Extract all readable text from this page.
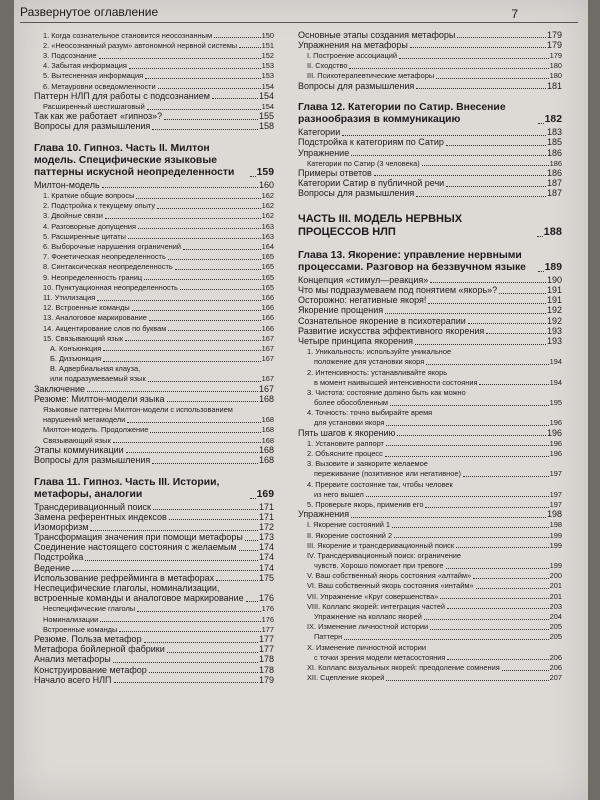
Развернутое оглавление	7
1. Когда сознательное становится неосознанным	150
2. «Неосознанный разум» автономной нервной системы	151
3. Подсознание	152
4. Забытая информация	153
5. Вытесненная информация	153
6. Метауровни осведомленности	154
Паттерн НЛП для работы с подсознанием	154
Расширенный шестишаговый	154
Так как же работает «гипноз»?	155
Вопросы для размышления	158
Глава 10. Гипноз. Часть II. Милтон модель. Специфические языковые паттерны искусной неопределенности	159
Милтон-модель	160
1. Краткие общие вопросы	162
2. Подстройка к текущему опыту	162
3. Двойные связи	162
4. Разговорные допущения	163
5. Расширенные цитаты	163
6. Выборочные нарушения ограничений	164
7. Фонетическая неопределенность	165
8. Синтаксическая неопределенность	165
9. Неопределенность границ	165
10. Пунктуационная неопределенность	165
11. Утилизация	166
12. Встроенные команды	166
13. Аналоговое маркирование	166
14. Акцентирование слов по буквам	166
15. Связывающий язык	167
А. Конъюнкция	167
Б. Дизъюнкция	167
В. Адвербиальная клауза,
или подразумеваемый язык	167
Заключение	167
Резюме: Милтон-модели языка	168
Языковые паттерны Милтон-модели с использованием
нарушений метамодели	168
Милтон-модель. Продолжение	168
Связывающий язык	168
Этапы коммуникации	168
Вопросы для размышления	168
Глава 11. Гипноз. Часть III. Истории, метафоры, аналогии	169
Трансдеривационный поиск	171
Замена референтных индексов	171
Изоморфизм	172
Трансформация значения при помощи метафоры 173
Соединение настоящего состояния с желаемым 174
Подстройка	174
Ведение	174
Использование рефрейминга в метафорах	175
Неспецифические глаголы, номинализации,
встроенные команды и аналоговое маркирование 176
Неспецифические глаголы	176
Номинализации	176
Встроенные команды	177
Резюме. Польза метафор	177
Метафора бойлерной фабрики	177
Анализ метафоры	178
Конструирование метафор	178
Начало всего НЛП	179
Основные этапы создания метафоры	179
Упражнения на метафоры	179
I. Построение ассоциаций	179
II. Сходство	180
III. Психотерапевтические метафоры	180
Вопросы для размышления	181
Глава 12. Категории по Сатир. Внесение разнообразия в коммуникацию	182
Категории	183
Подстройка к категориям по Сатир	185
Упражнение	186
Категории по Сатир (3 человека)	186
Примеры ответов	186
Категории Сатир в публичной речи	187
Вопросы для размышления	187
ЧАСТЬ III. МОДЕЛЬ НЕРВНЫХ ПРОЦЕССОВ НЛП	188
Глава 13. Якорение: управление нервными процессами. Разговор на беззвучном языке	189
Концепция «стимул—реакция»	190
Что мы подразумеваем под понятием «якорь»?	191
Осторожно: негативные якоря!	191
Якорение прощения	192
Сознательное якорение в психотерапии	192
Развитие искусства эффективного якорения	193
Четыре принципа якорения	193
1. Уникальность: используйте уникальное
положение для установки якоря	194
2. Интенсивность: устанавливайте якорь
в момент наивысшей интенсивности состояния	194
3. Чистота: состояние должно быть как можно
более обособленным	195
4. Точность: точно выбирайте время
для установки якоря	196
Пять шагов к якорению	196
1. Установите раппорт	196
2. Объясните процесс	196
3. Вызовите и заякорите желаемое
переживание (позитивное или негативное)	197
4. Прервите состояние так, чтобы человек
из него вышел	197
5. Проверьте якорь, применив его	197
Упражнения	198
I. Якорение состояний 1	198
II. Якорение состояний 2	199
III. Якорение и трансдеривационный поиск	199
IV. Трансдеривационный поиск: ограничение
чувств. Хорошо помогает при тревоге	199
V. Ваш собственный якорь состояния «алтайм»	200
VI. Ваш собственный якорь состояния «интайм»	201
VII. Упражнение «Круг совершенства»	201
VIII. Коллапс якорей: интеграция частей	203
Упражнение на коллапс якорей	204
IX. Изменение личностной истории	205
Паттерн	205
X. Изменение личностной истории
с точки зрения модели метасостояния	206
XI. Коллапс визуальных якорей: преодоление сомнения	206
XII. Сцепление якорей	207
